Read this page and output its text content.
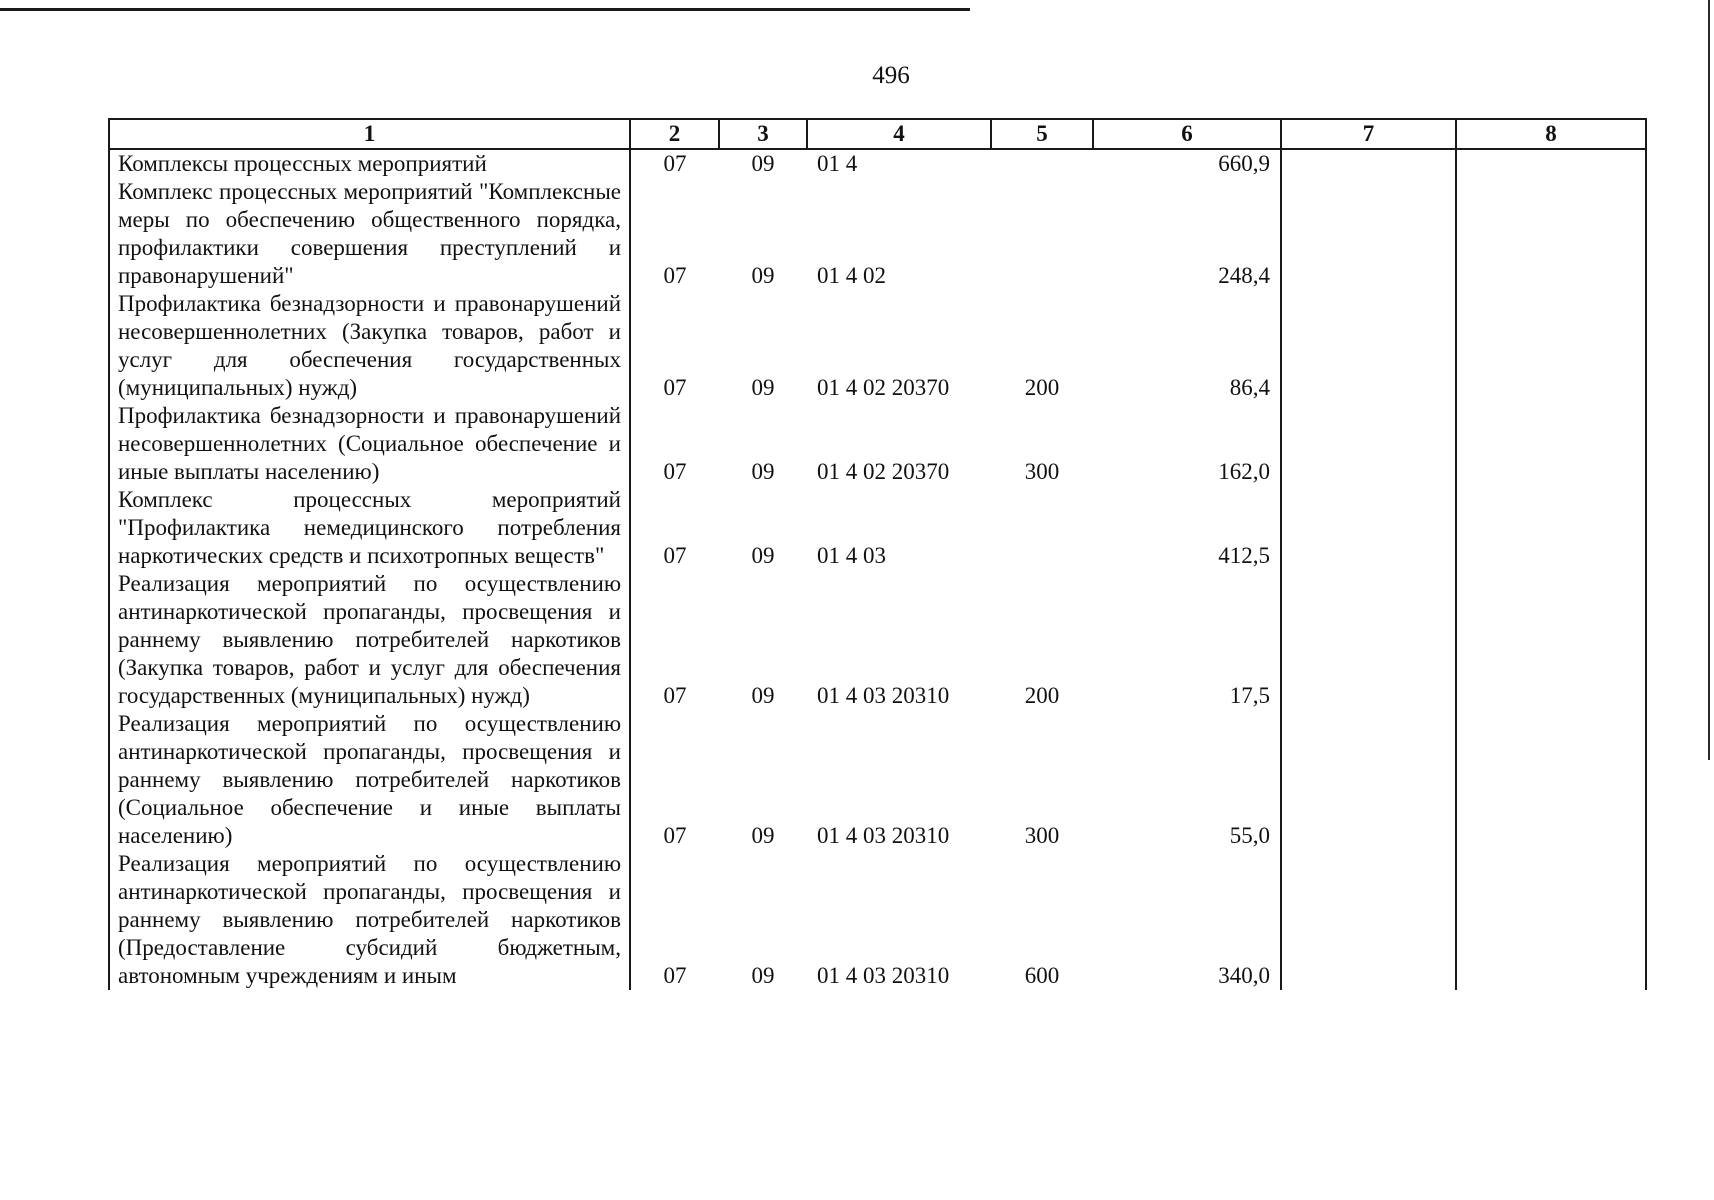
496
1	2	3	4	5	6	7	8
Комплексы процессных мероприятий	07	09	01 4		660,9		
Комплекс процессных мероприятий "Комплексные меры по обеспечению общественного порядка, профилактики совершения преступлений и правонарушений"	07	09	01 4 02		248,4		
Профилактика безнадзорности и правонарушений несовершеннолетних (Закупка товаров, работ и услуг для обеспечения государственных (муниципальных) нужд)	07	09	01 4 02 20370	200	86,4		
Профилактика безнадзорности и правонарушений несовершеннолетних (Социальное обеспечение и иные выплаты населению)	07	09	01 4 02 20370	300	162,0		
Комплекс процессных мероприятий "Профилактика немедицинского потребления наркотических средств и психотропных веществ"	07	09	01 4 03		412,5		
Реализация мероприятий по осуществлению антинаркотической пропаганды, просвещения и раннему выявлению потребителей наркотиков (Закупка товаров, работ и услуг для обеспечения государственных (муниципальных) нужд)	07	09	01 4 03 20310	200	17,5		
Реализация мероприятий по осуществлению антинаркотической пропаганды, просвещения и раннему выявлению потребителей наркотиков (Социальное обеспечение и иные выплаты населению)	07	09	01 4 03 20310	300	55,0		
Реализация мероприятий по осуществлению антинаркотической пропаганды, просвещения и раннему выявлению потребителей наркотиков (Предоставление субсидий бюджетным, автономным учреждениям и иным	07	09	01 4 03 20310	600	340,0		
